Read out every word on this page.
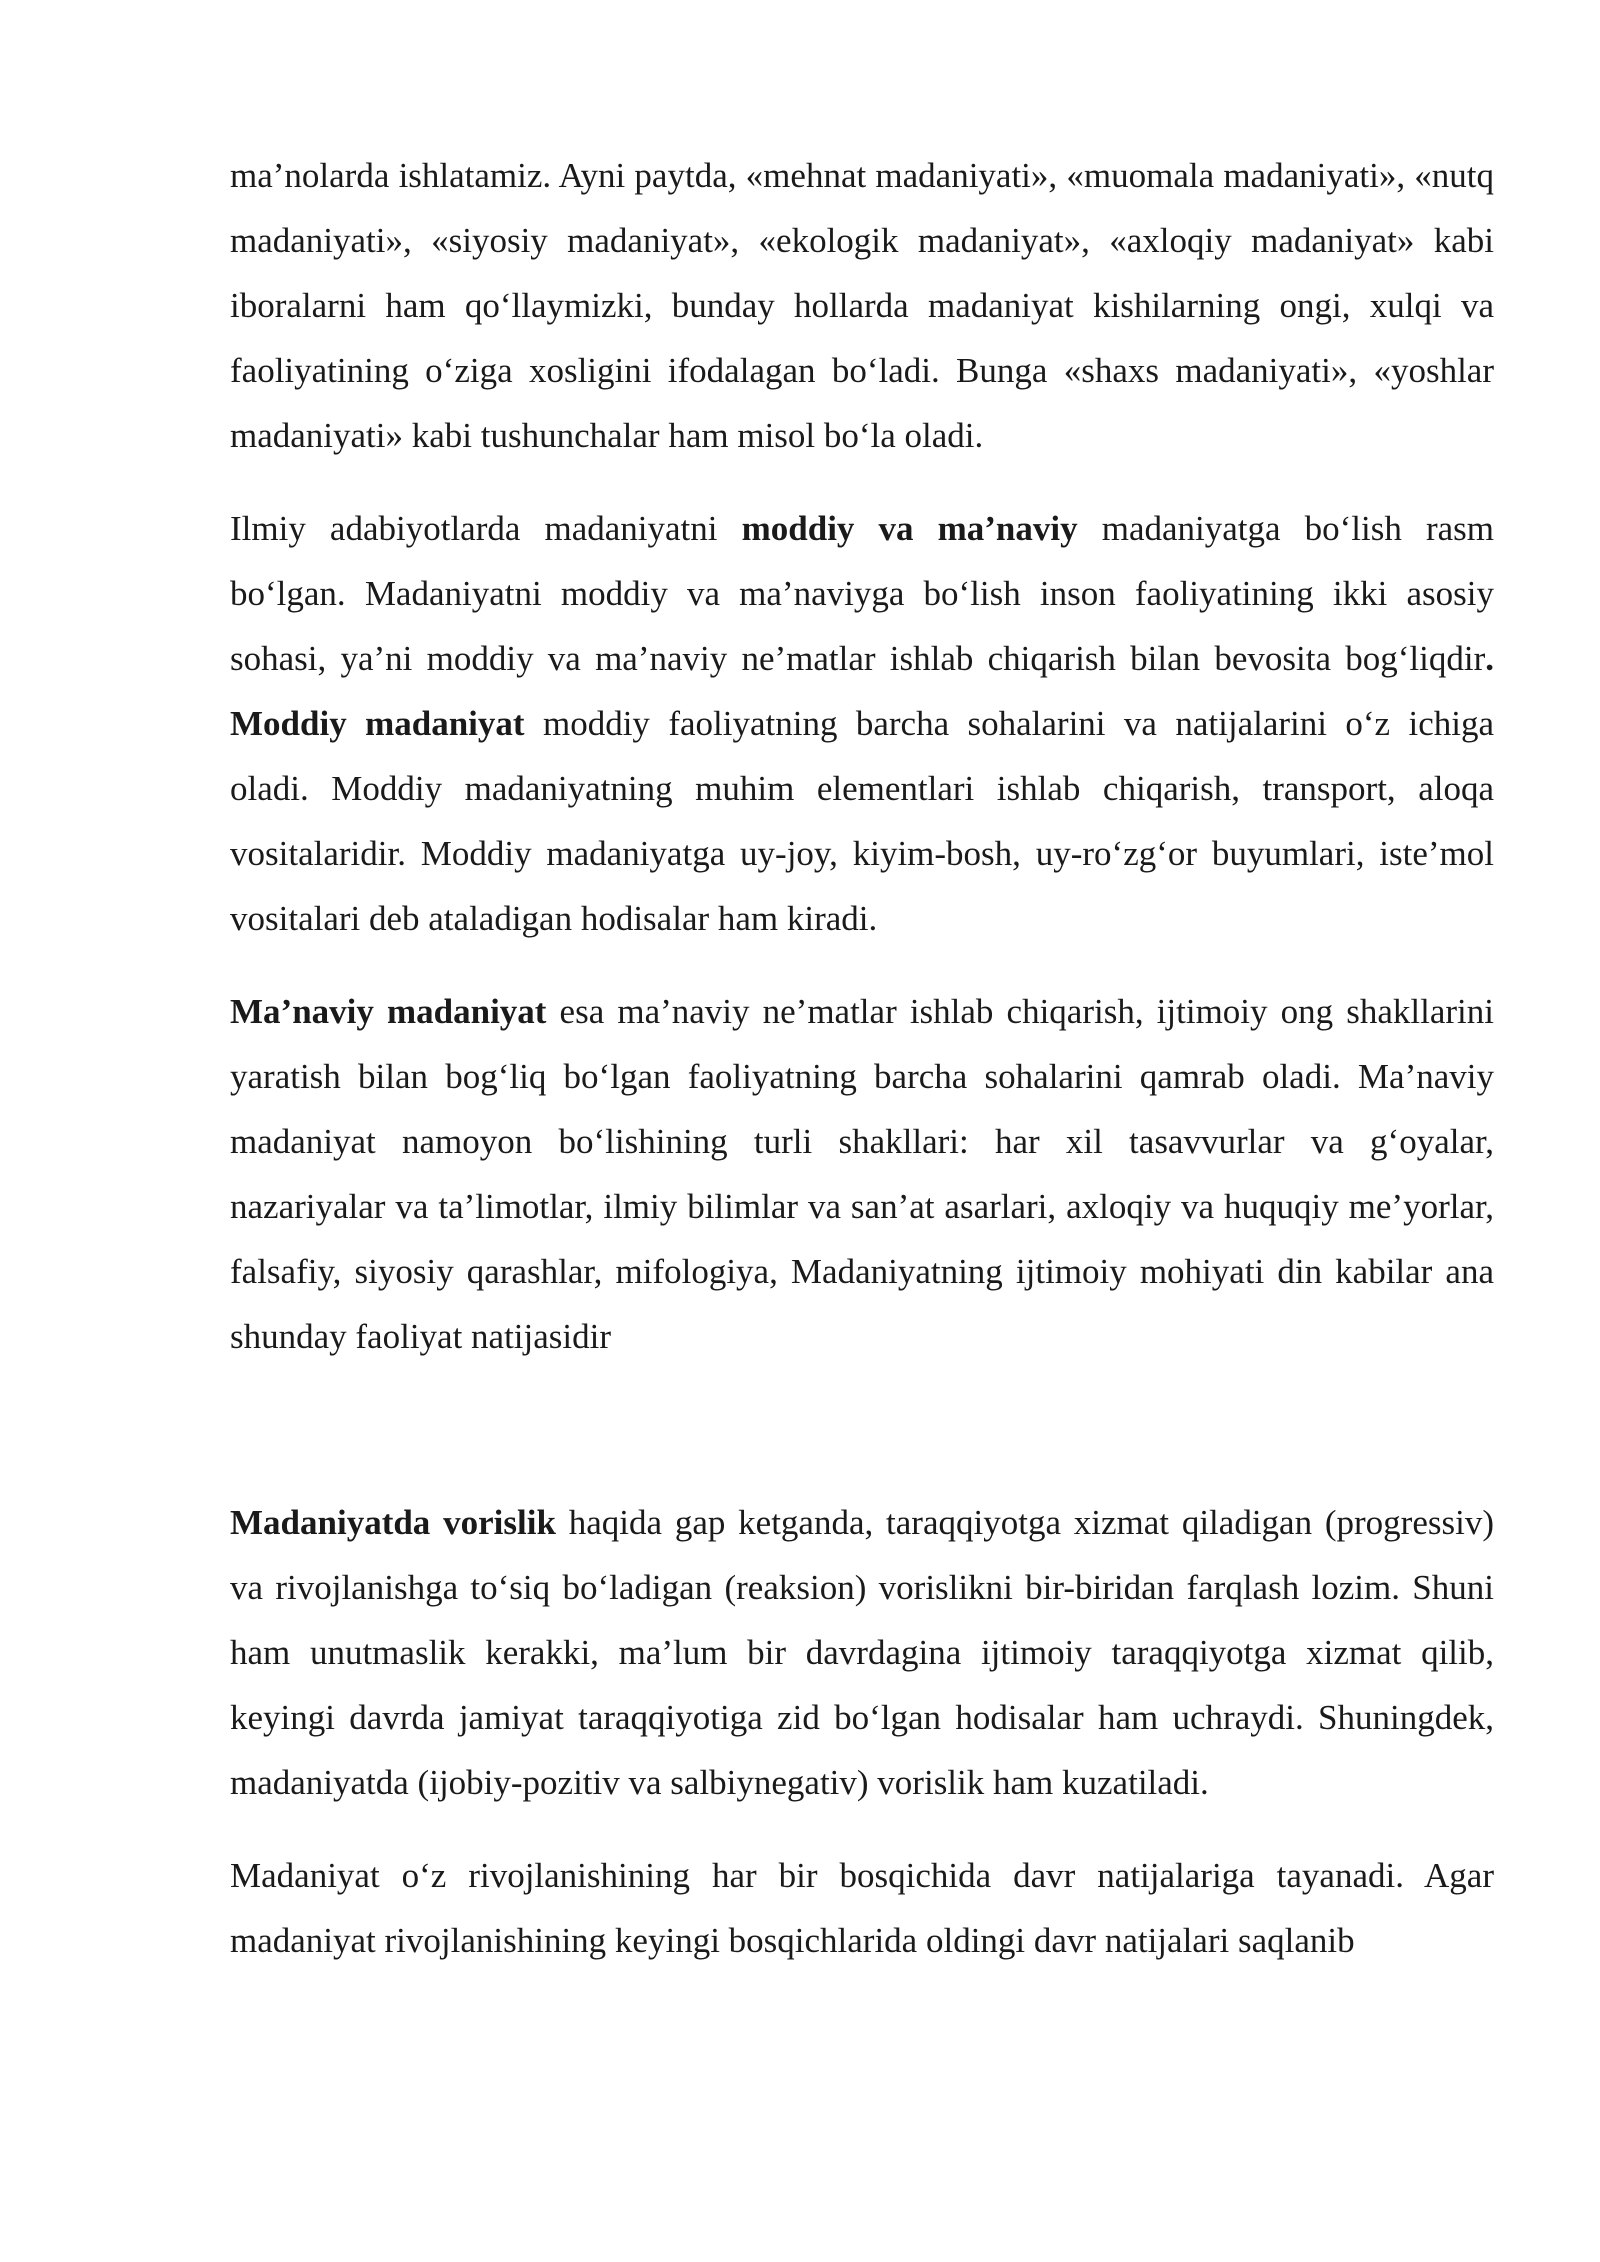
ma’nolarda ishlatamiz. Ayni paytda, «mehnat madaniyati», «muomala madaniyati», «nutq madaniyati», «siyosiy madaniyat», «ekologik madaniyat», «axloqiy madaniyat» kabi iboralarni ham qo‘llaymizki, bunday hollarda madaniyat kishilarning ongi, xulqi va faoliyatining o‘ziga xosligini ifodalagan bo‘ladi. Bunga «shaxs madaniyati», «yoshlar madaniyati» kabi tushunchalar ham misol bo‘la oladi.

Ilmiy adabiyotlarda madaniyatni moddiy va ma’naviy madaniyatga bo‘lish rasm bo‘lgan. Madaniyatni moddiy va ma’naviyga bo‘lish inson faoliyatining ikki asosiy sohasi, ya’ni moddiy va ma’naviy ne’matlar ishlab chiqarish bilan bevosita bog‘liqdir. Moddiy madaniyat moddiy faoliyatning barcha sohalarini va natijalarini o‘z ichiga oladi. Moddiy madaniyatning muhim elementlari ishlab chiqarish, transport, aloqa vositalaridir. Moddiy madaniyatga uy-joy, kiyim-bosh, uy-ro‘zg‘or buyumlari, iste’mol vositalari deb ataladigan hodisalar ham kiradi.

Ma’naviy madaniyat esa ma’naviy ne’matlar ishlab chiqarish, ijtimoiy ong shakllarini yaratish bilan bog‘liq bo‘lgan faoliyatning barcha sohalarini qamrab oladi. Ma’naviy madaniyat namoyon bo‘lishining turli shakllari: har xil tasavvurlar va g‘oyalar, nazariyalar va ta’limotlar, ilmiy bilimlar va san’at asarlari, axloqiy va huquqiy me’yorlar, falsafiy, siyosiy qarashlar, mifologiya, Madaniyatning ijtimoiy mohiyati din kabilar ana shunday faoliyat natijasidir

Madaniyatda vorislik haqida gap ketganda, taraqqiyotga xizmat qiladigan (progressiv) va rivojlanishga to‘siq bo‘ladigan (reaksion) vorislikni bir-biridan farqlash lozim. Shuni ham unutmaslik kerakki, ma’lum bir davrdagina ijtimoiy taraqqiyotga xizmat qilib, keyingi davrda jamiyat taraqqiyotiga zid bo‘lgan hodisalar ham uchraydi. Shuningdek, madaniyatda (ijobiy-pozitiv va salbiynegativ) vorislik ham kuzatiladi.

Madaniyat o‘z rivojlanishining har bir bosqichida davr natijalariga tayanadi. Agar madaniyat rivojlanishining keyingi bosqichlarida oldingi davr natijalari saqlanib
